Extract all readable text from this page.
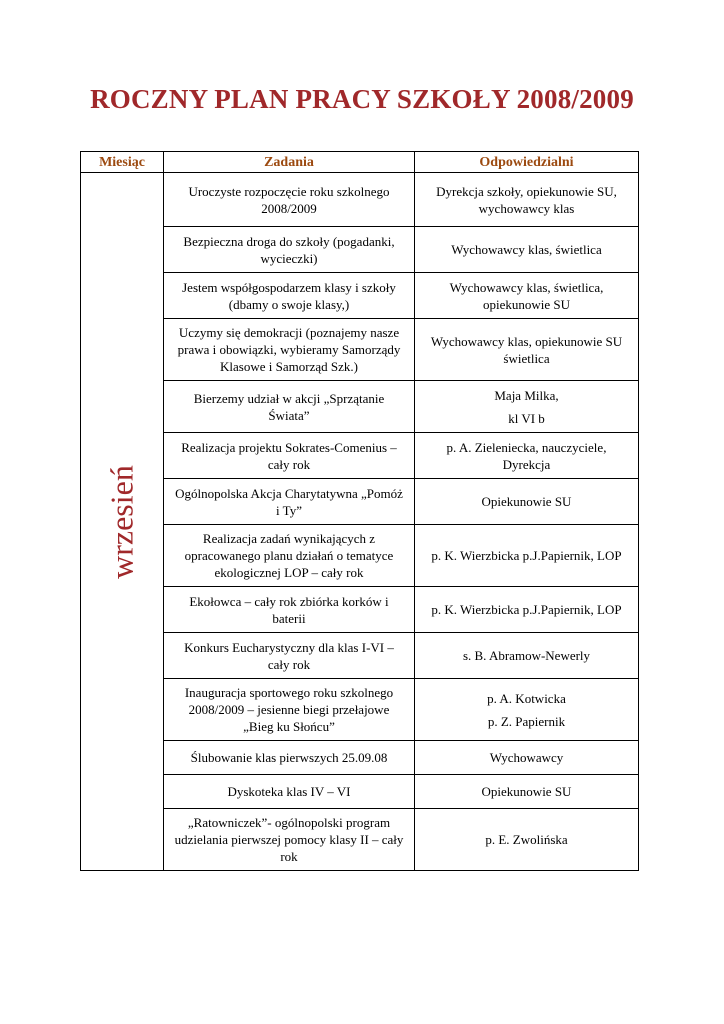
ROCZNY PLAN PRACY SZKOŁY 2008/2009
Miesiąc	Zadania	Odpowiedzialni

wrzesień	Uroczyste rozpoczęcie roku szkolnego 2008/2009	Dyrekcja szkoły, opiekunowie SU, wychowawcy klas

	Bezpieczna droga do szkoły (pogadanki, wycieczki)	Wychowawcy klas, świetlica

	Jestem współgospodarzem klasy i szkoły (dbamy o swoje klasy,)	Wychowawcy klas, świetlica, opiekunowie SU

	Uczymy się demokracji (poznajemy nasze prawa i obowiązki, wybieramy Samorządy Klasowe i Samorząd Szk.)	Wychowawcy klas, opiekunowie SU świetlica

	Bierzemy udział w akcji „Sprzątanie Świata”	Maja Milka,
kl VI b

	Realizacja projektu Sokrates-Comenius – cały rok	p. A. Zieleniecka, nauczyciele, Dyrekcja

	Ogólnopolska Akcja Charytatywna „Pomóż i Ty”	Opiekunowie SU

	Realizacja zadań wynikających z opracowanego planu działań o tematyce ekologicznej LOP – cały rok	p. K. Wierzbicka p.J.Papiernik, LOP

	Ekołowca – cały rok zbiórka korków i baterii	p. K. Wierzbicka p.J.Papiernik, LOP

	Konkurs Eucharystyczny dla klas I-VI – cały rok	s. B. Abramow-Newerly

	Inauguracja sportowego roku szkolnego 2008/2009 – jesienne biegi przełajowe „Bieg ku Słońcu”	p. A. Kotwicka
p. Z. Papiernik

	Ślubowanie klas pierwszych 25.09.08	Wychowawcy

	Dyskoteka klas IV – VI	Opiekunowie SU

	„Ratowniczek”- ogólnopolski program udzielania pierwszej pomocy klasy II – cały rok	p. E. Zwolińska
